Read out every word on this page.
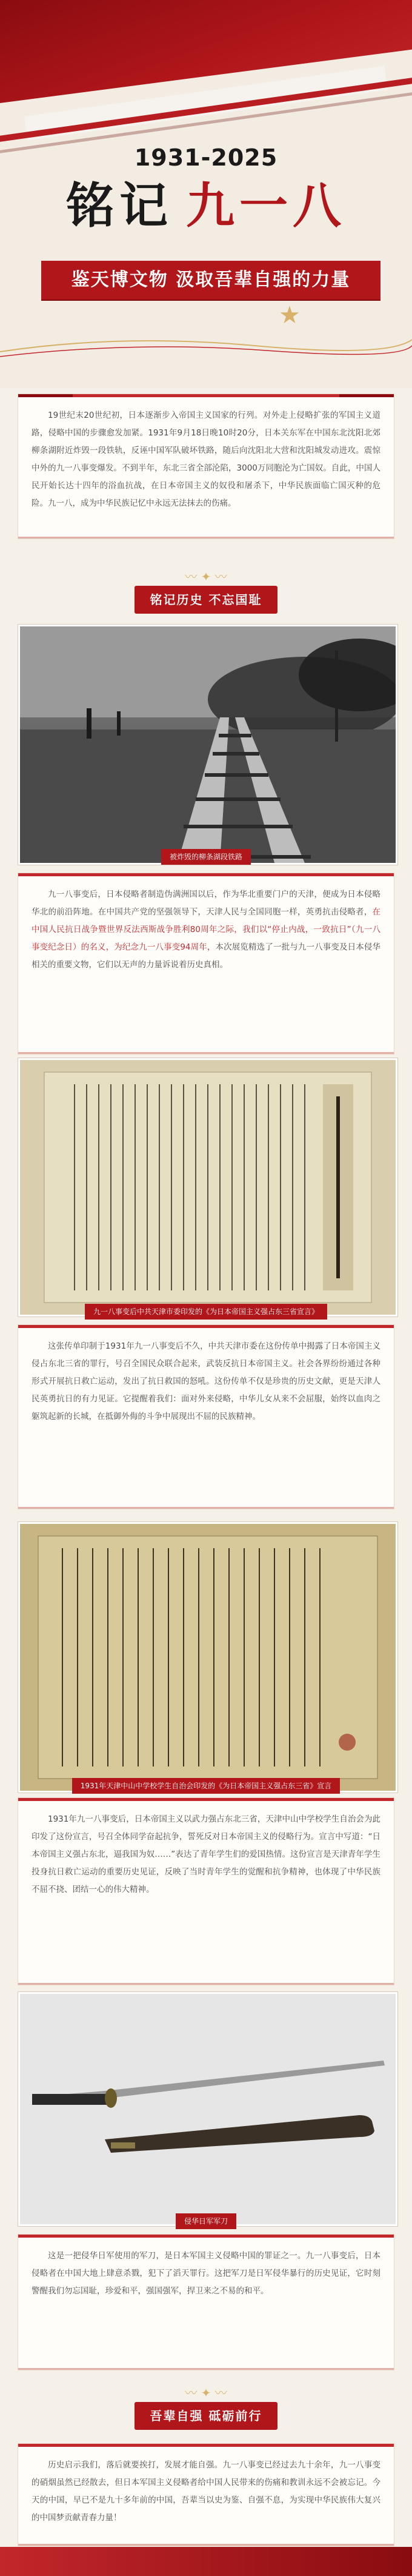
1931-2025
铭记 九一八
鉴天博文物 汲取吾辈自强的力量
★

19世纪末20世纪初，日本逐渐步入帝国主义国家的行列。对外走上侵略扩张的军国主义道路，侵略中国的步骤愈发加紧。1931年9月18日晚10时20分，日本关东军在中国东北沈阳北郊柳条湖附近炸毁一段铁轨，反诬中国军队破坏铁路，随后向沈阳北大营和沈阳城发动进攻。震惊中外的九一八事变爆发。不到半年，东北三省全部沦陷，3000万同胞沦为亡国奴。自此，中国人民开始长达十四年的浴血抗战，在日本帝国主义的奴役和屠杀下，中华民族面临亡国灭种的危险。九一八，成为中华民族记忆中永远无法抹去的伤痛。

〰 ✦ 〰
铭记历史 不忘国耻
被炸毁的柳条湖段铁路

九一八事变后，日本侵略者制造伪满洲国以后，作为华北重要门户的天津，便成为日本侵略华北的前沿阵地。在中国共产党的坚强领导下，天津人民与全国同胞一样，英勇抗击侵略者，在中国人民抗日战争暨世界反法西斯战争胜利80周年之际，我们以“停止内战，一致抗日”（九一八事变纪念日）的名义，为纪念九一八事变94周年，本次展览精选了一批与九一八事变及日本侵华相关的重要文物，它们以无声的力量诉说着历史真相。

九一八事变后中共天津市委印发的《为日本帝国主义强占东三省宣言》

这张传单印制于1931年九一八事变后不久，中共天津市委在这份传单中揭露了日本帝国主义侵占东北三省的罪行，号召全国民众联合起来，武装反抗日本帝国主义。社会各界纷纷通过各种形式开展抗日救亡运动，发出了抗日救国的怒吼。这份传单不仅是珍贵的历史文献，更是天津人民英勇抗日的有力见证。它提醒着我们：面对外来侵略，中华儿女从来不会屈服，始终以血肉之躯筑起新的长城，在抵御外侮的斗争中展现出不屈的民族精神。

1931年天津中山中学校学生自治会印发的《为日本帝国主义强占东三省》宣言

1931年九一八事变后，日本帝国主义以武力强占东北三省，天津中山中学校学生自治会为此印发了这份宣言，号召全体同学奋起抗争，誓死反对日本帝国主义的侵略行为。宣言中写道：“日本帝国主义强占东北，逼我国为奴……”表达了青年学生们的爱国热情。这份宣言是天津青年学生投身抗日救亡运动的重要历史见证，反映了当时青年学生的觉醒和抗争精神，也体现了中华民族不屈不挠、团结一心的伟大精神。

侵华日军军刀

这是一把侵华日军使用的军刀，是日本军国主义侵略中国的罪证之一。九一八事变后，日本侵略者在中国大地上肆意杀戮，犯下了滔天罪行。这把军刀是日军侵华暴行的历史见证，它时刻警醒我们勿忘国耻，珍爱和平，强国强军，捍卫来之不易的和平。

〰 ✦ 〰
吾辈自强 砥砺前行

历史启示我们，落后就要挨打，发展才能自强。九一八事变已经过去九十余年，九一八事变的硝烟虽然已经散去，但日本军国主义侵略者给中国人民带来的伤痛和教训永远不会被忘记。今天的中国，早已不是九十多年前的中国，吾辈当以史为鉴、自强不息，为实现中华民族伟大复兴的中国梦贡献青春力量！
